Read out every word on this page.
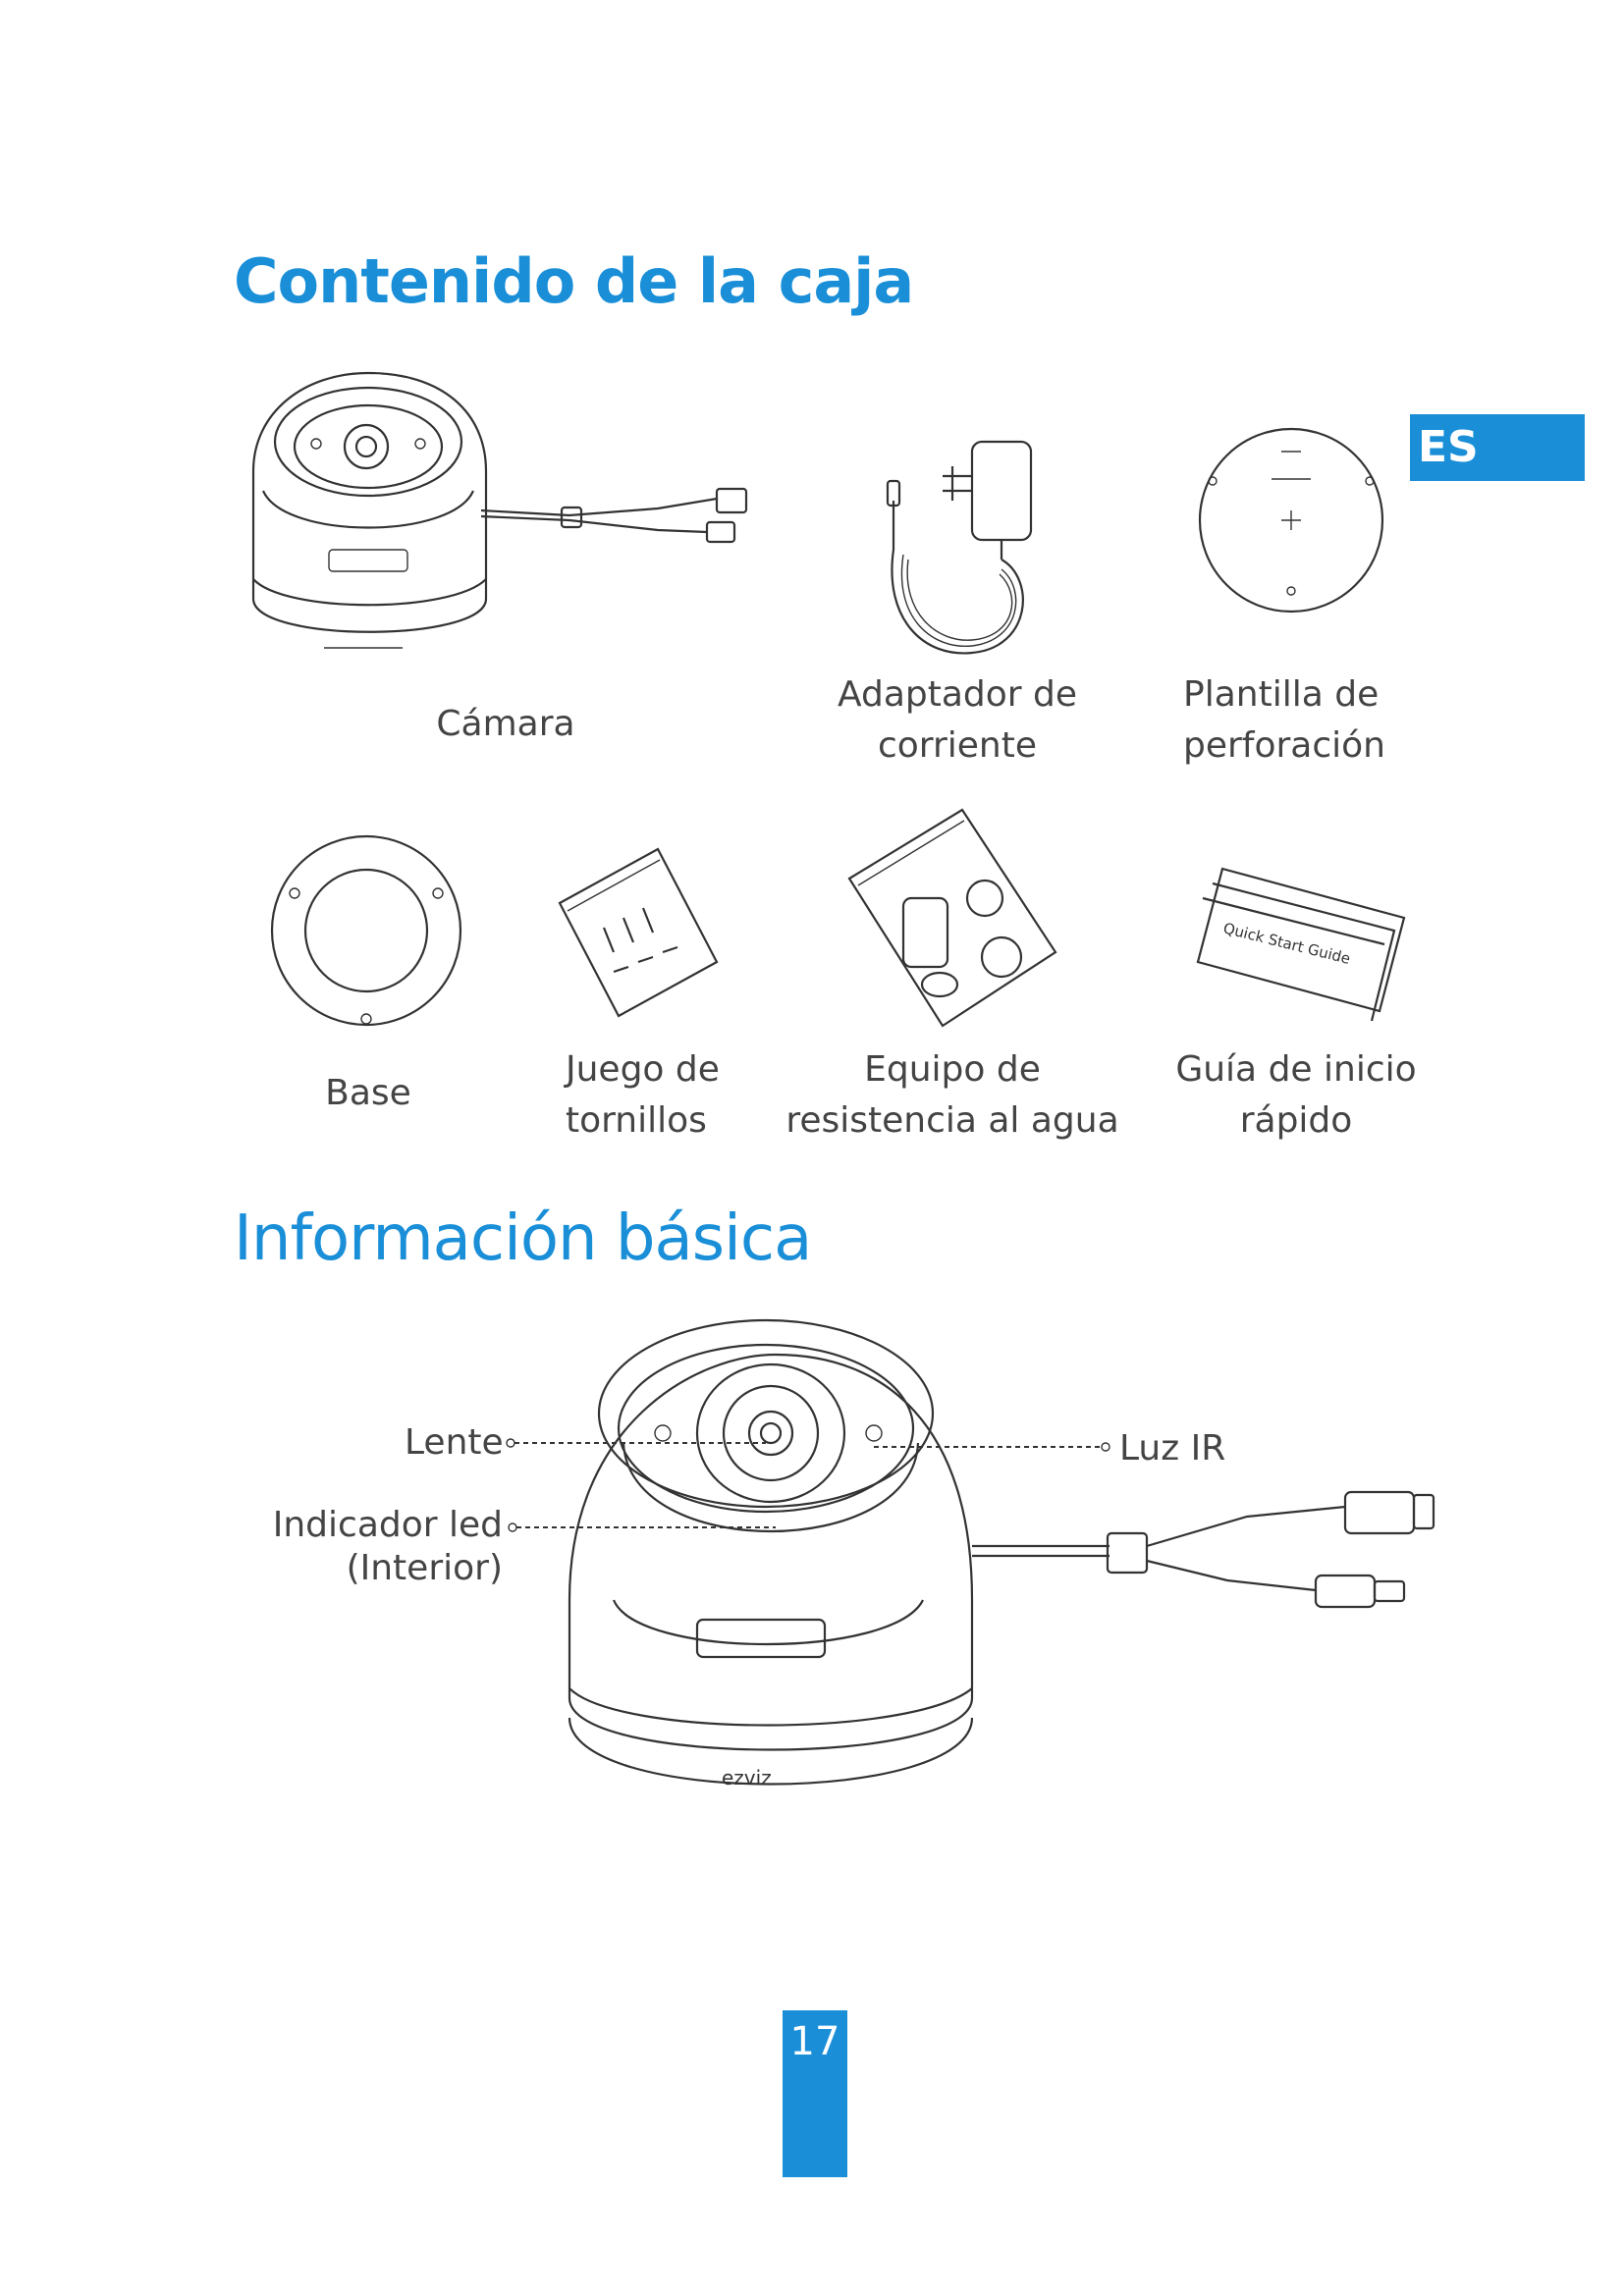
Contenido de la caja
ES
Cámara
Adaptador de
corriente
Plantilla de
perforación
Quick Start Guide
Base
Juego de
tornillos
Equipo de
resistencia al agua
Guía de inicio
rápido
Información básica
ezviz
Lente
Indicador led
(Interior)
Luz IR
17
